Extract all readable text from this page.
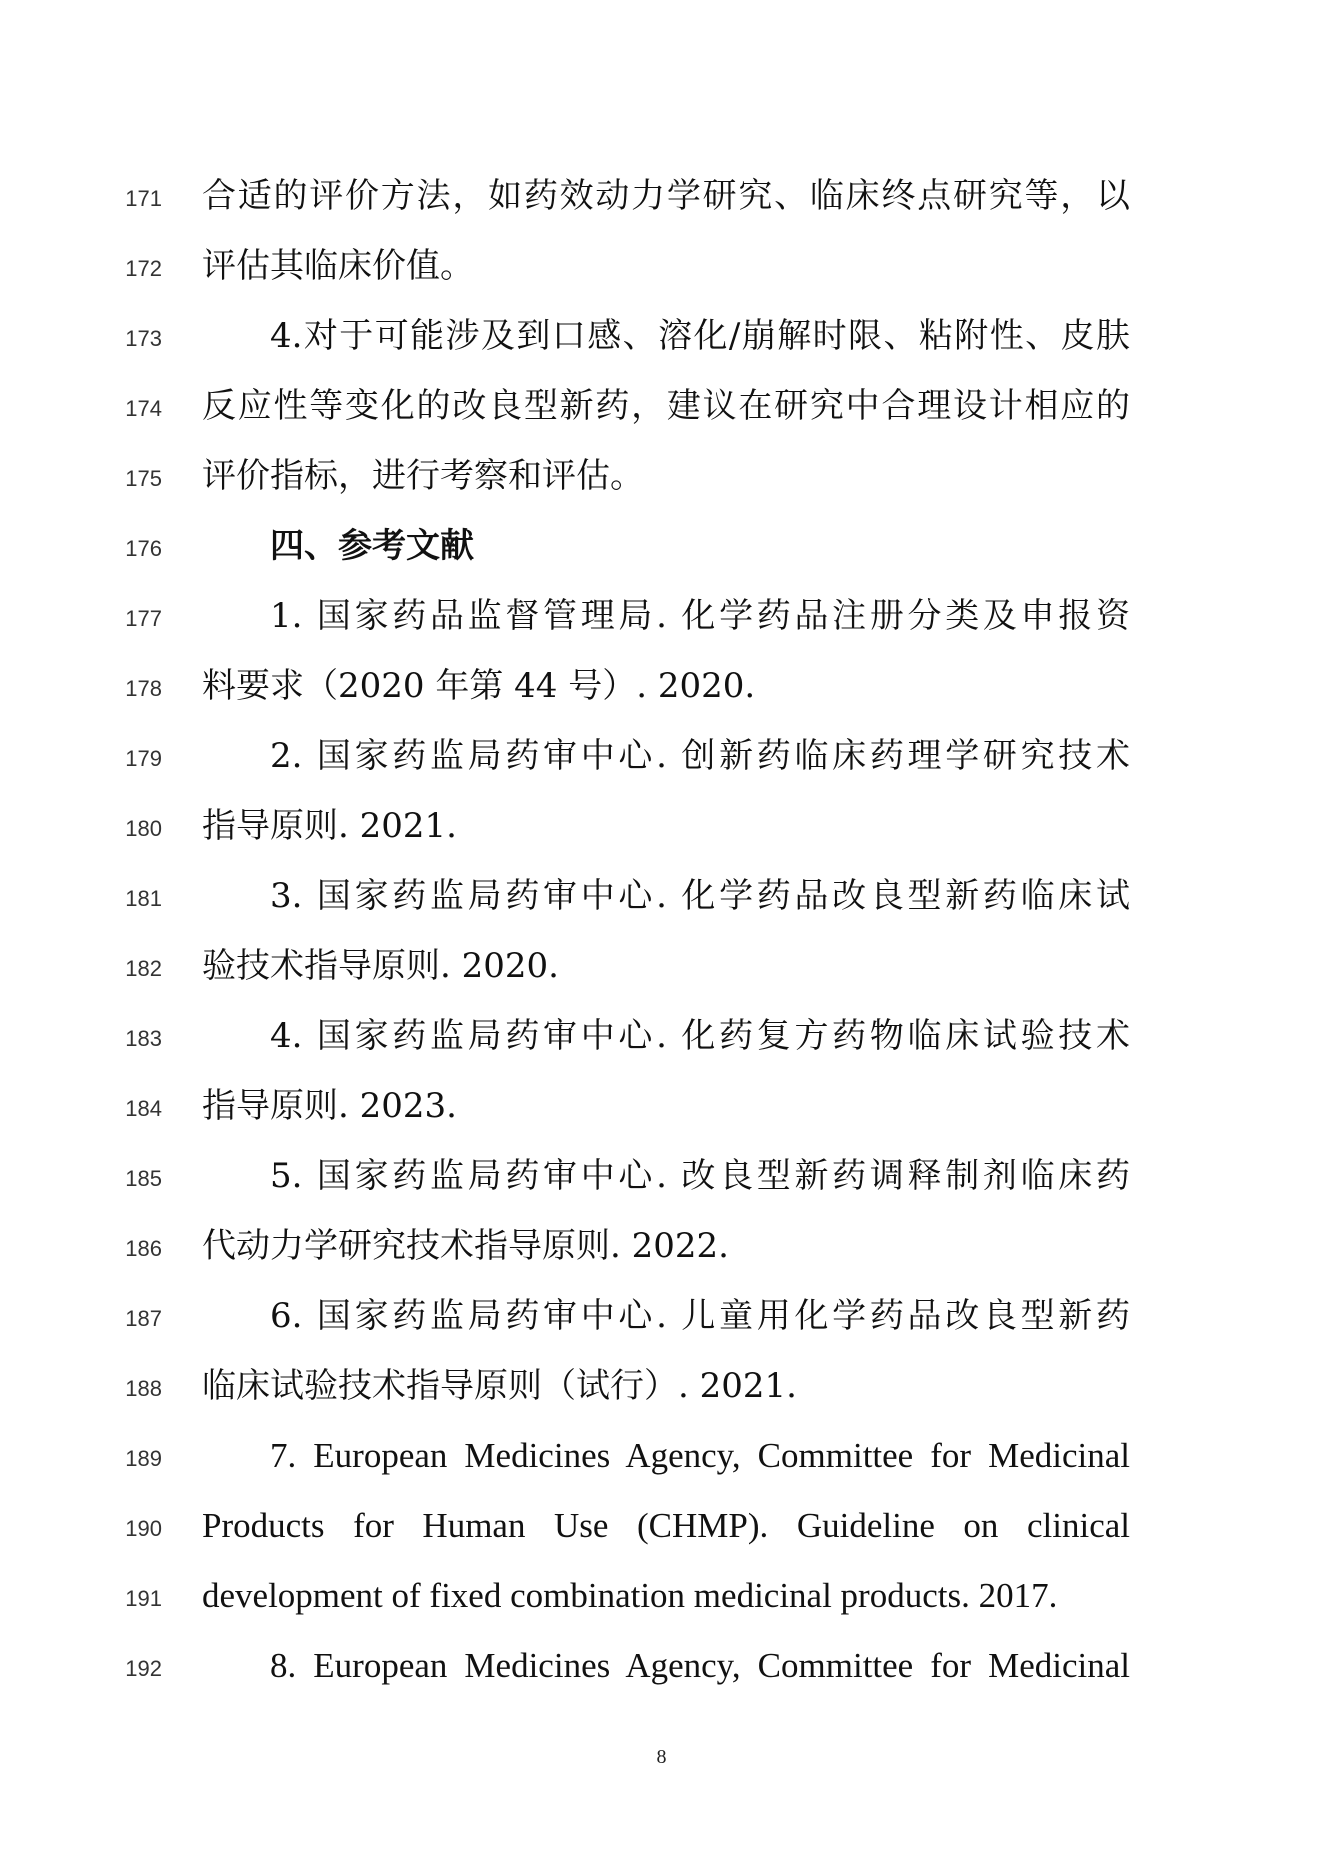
171 合适的评价方法，如药效动力学研究、临床终点研究等，以
172 评估其临床价值。
173	4.对于可能涉及到口感、溶化/崩解时限、粘附性、皮肤
174 反应性等变化的改良型新药，建议在研究中合理设计相应的
175 评价指标，进行考察和评估。
176	四、参考文献
177	1. 国家药品监督管理局. 化学药品注册分类及申报资
178 料要求（2020 年第 44 号）. 2020.
179	2. 国家药监局药审中心. 创新药临床药理学研究技术
180 指导原则. 2021.
181	3. 国家药监局药审中心. 化学药品改良型新药临床试
182 验技术指导原则. 2020.
183	4. 国家药监局药审中心. 化药复方药物临床试验技术
184 指导原则. 2023.
185	5. 国家药监局药审中心. 改良型新药调释制剂临床药
186 代动力学研究技术指导原则. 2022.
187	6. 国家药监局药审中心. 儿童用化学药品改良型新药
188 临床试验技术指导原则（试行）. 2021.
189	7. European Medicines Agency, Committee for Medicinal
190 Products for Human Use (CHMP). Guideline on clinical
191 development of fixed combination medicinal products. 2017.
192	8. European Medicines Agency, Committee for Medicinal
8
